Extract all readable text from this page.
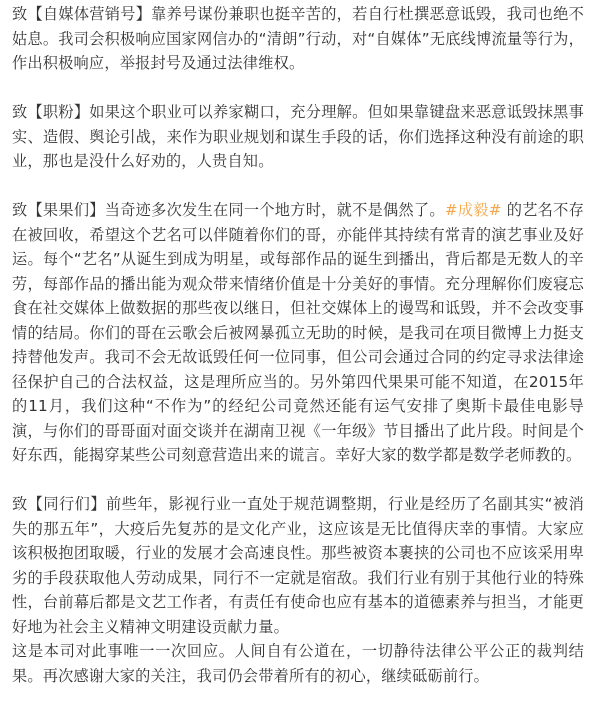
致【自媒体营销号】靠养号谋份兼职也挺辛苦的，若自行杜撰恶意诋毁，我司也绝不姑息。我司会积极响应国家网信办的“清朗”行动，对“自媒体”无底线博流量等行为，作出积极响应，举报封号及通过法律维权。

致【职粉】如果这个职业可以养家糊口，充分理解。但如果靠键盘来恶意诋毁抹黑事实、造假、舆论引战，来作为职业规划和谋生手段的话，你们选择这种没有前途的职业，那也是没什么好劝的，人贵自知。

致【果果们】当奇迹多次发生在同一个地方时，就不是偶然了。#成毅# 的艺名不存在被回收，希望这个艺名可以伴随着你们的哥，亦能伴其持续有常青的演艺事业及好运。每个“艺名”从诞生到成为明星，或每部作品的诞生到播出，背后都是无数人的辛劳，每部作品的播出能为观众带来情绪价值是十分美好的事情。充分理解你们废寝忘食在社交媒体上做数据的那些夜以继日，但社交媒体上的谩骂和诋毁，并不会改变事情的结局。你们的哥在云歌会后被网暴孤立无助的时候，是我司在项目微博上力挺支持替他发声。我司不会无故诋毁任何一位同事，但公司会通过合同的约定寻求法律途径保护自己的合法权益，这是理所应当的。另外第四代果果可能不知道，在2015年的11月，我们这种“不作为”的经纪公司竟然还能有运气安排了奥斯卡最佳电影导演，与你们的哥哥面对面交谈并在湖南卫视《一年级》节目播出了此片段。时间是个好东西，能揭穿某些公司刻意营造出来的谎言。幸好大家的数学都是数学老师教的。

致【同行们】前些年，影视行业一直处于规范调整期，行业是经历了名副其实“被消失的那五年”，大疫后先复苏的是文化产业，这应该是无比值得庆幸的事情。大家应该积极抱团取暖，行业的发展才会高速良性。那些被资本裹挟的公司也不应该采用卑劣的手段获取他人劳动成果，同行不一定就是宿敌。我们行业有别于其他行业的特殊性，台前幕后都是文艺工作者，有责任有使命也应有基本的道德素养与担当，才能更好地为社会主义精神文明建设贡献力量。

这是本司对此事唯一一次回应。人间自有公道在，一切静待法律公平公正的裁判结果。再次感谢大家的关注，我司仍会带着所有的初心，继续砥砺前行。
